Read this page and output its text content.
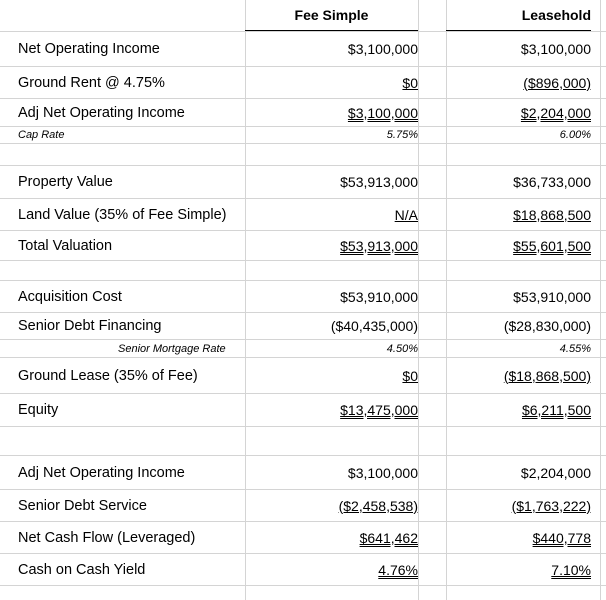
Fee Simple	Leasehold
Net Operating Income	$3,100,000	$3,100,000
Ground Rent @ 4.75%	$0	($896,000)
Adj Net Operating Income	$3,100,000	$2,204,000
Cap Rate	5.75%	6.00%
Property Value	$53,913,000	$36,733,000
Land Value (35% of Fee Simple)	N/A	$18,868,500
Total Valuation	$53,913,000	$55,601,500
Acquisition Cost	$53,910,000	$53,910,000
Senior Debt Financing	($40,435,000)	($28,830,000)
Senior Mortgage Rate	4.50%	4.55%
Ground Lease (35% of Fee)	$0	($18,868,500)
Equity	$13,475,000	$6,211,500
Adj Net Operating Income	$3,100,000	$2,204,000
Senior Debt Service	($2,458,538)	($1,763,222)
Net Cash Flow (Leveraged)	$641,462	$440,778
Cash on Cash Yield	4.76%	7.10%
